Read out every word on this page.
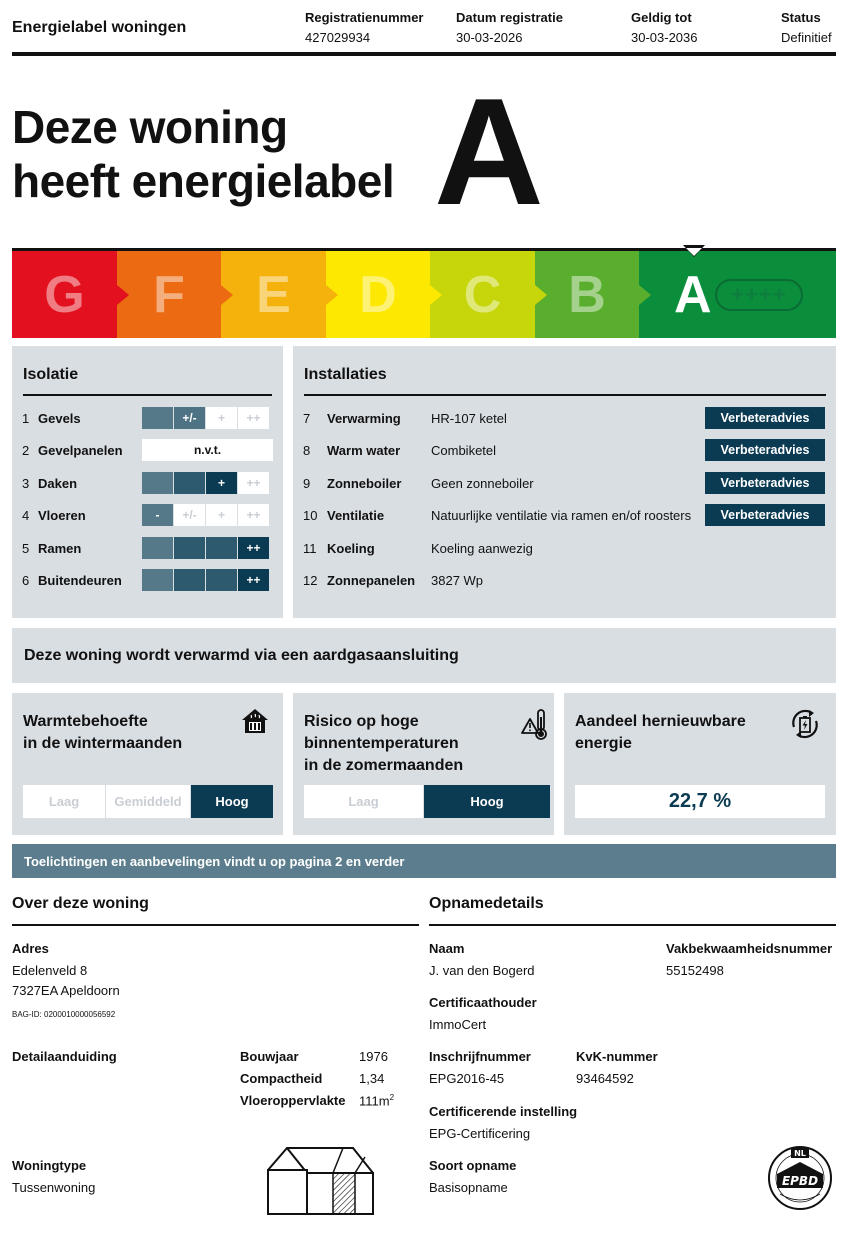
Energielabel woningen
Registratienummer
427029934
Datum registratie
30-03-2026
Geldig tot
30-03-2036
Status
Definitief
Deze woning
heeft energielabel A
G F E D C B A ++++
Isolatie
1 Gevels	+/-	+	++
2 Gevelpanelen	n.v.t.
3 Daken	+	++
4 Vloeren	-	+/-	+	++
5 Ramen	++
6 Buitendeuren	++
Installaties
7	Verwarming	HR-107 ketel	Verbeteradvies
8	Warm water	Combiketel	Verbeteradvies
9	Zonneboiler	Geen zonneboiler	Verbeteradvies
10 Ventilatie	Natuurlijke ventilatie via ramen en/of roosters	Verbeteradvies
11 Koeling	Koeling aanwezig
12 Zonnepanelen	3827 Wp
Deze woning wordt verwarmd via een aardgasaansluiting
Warmtebehoefte
in de wintermaanden
Laag	Gemiddeld	Hoog
Risico op hoge
binnentemperaturen
in de zomermaanden
Laag	Hoog
Aandeel hernieuwbare
energie
22,7 %
Toelichtingen en aanbevelingen vindt u op pagina 2 en verder
Over deze woning
Adres
Edelenveld 8
7327EA Apeldoorn
BAG-ID: 0200010000056592
Detailaanduiding	Bouwjaar	1976
Compactheid	1,34
Vloeroppervlakte $111m^2$
Woningtype
Tussenwoning
Opnamedetails
Naam
J. van den Bogerd
Vakbekwaamheidsnummer
55152498
Certificaathouder
ImmoCert
Inschrijfnummer
EPG2016-45
KvK-nummer
93464592
Certificerende instelling
EPG-Certificering
Soort opname
Basisopname
NL
EPBD
